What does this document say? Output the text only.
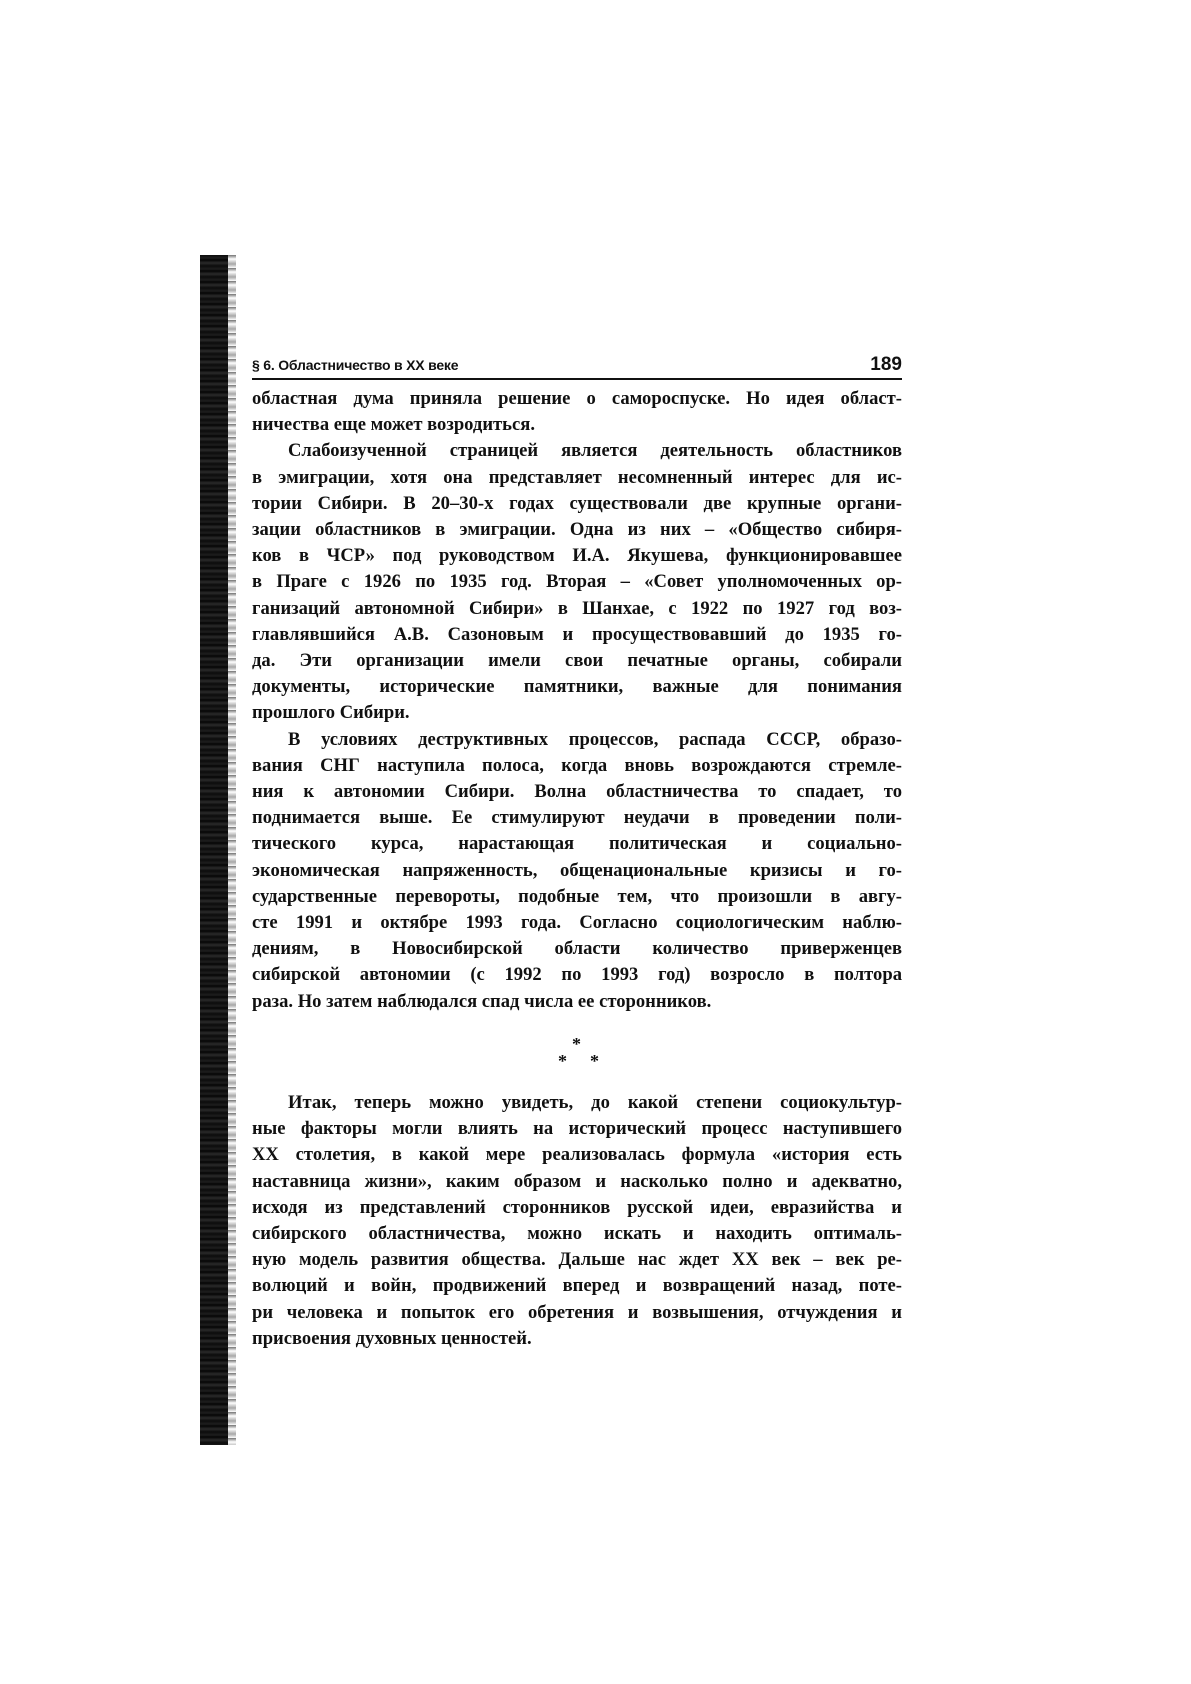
§ 6. Областничество в XX веке	189

областная дума приняла решение о самороспуске. Но идея област-
ничества еще может возродиться.

Слабоизученной страницей является деятельность областников
в эмиграции, хотя она представляет несомненный интерес для ис-
тории Сибири. В 20–30-х годах существовали две крупные органи-
зации областников в эмиграции. Одна из них – «Общество сибиря-
ков в ЧСР» под руководством И.А. Якушева, функционировавшее
в Праге с 1926 по 1935 год. Вторая – «Совет уполномоченных ор-
ганизаций автономной Сибири» в Шанхае, с 1922 по 1927 год воз-
главлявшийся А.В. Сазоновым и просуществовавший до 1935 го-
да. Эти организации имели свои печатные органы, собирали
документы, исторические памятники, важные для понимания
прошлого Сибири.

В условиях деструктивных процессов, распада СССР, образо-
вания СНГ наступила полоса, когда вновь возрождаются стремле-
ния к автономии Сибири. Волна областничества то спадает, то
поднимается выше. Ее стимулируют неудачи в проведении поли-
тического курса, нарастающая политическая и социально-
экономическая напряженность, общенациональные кризисы и го-
сударственные перевороты, подобные тем, что произошли в авгу-
сте 1991 и октябре 1993 года. Согласно социологическим наблю-
дениям, в Новосибирской области количество приверженцев
сибирской автономии (с 1992 по 1993 год) возросло в полтора
раза. Но затем наблюдался спад числа ее сторонников.

*
* *

Итак, теперь можно увидеть, до какой степени социокультур-
ные факторы могли влиять на исторический процесс наступившего
XX столетия, в какой мере реализовалась формула «история есть
наставница жизни», каким образом и насколько полно и адекватно,
исходя из представлений сторонников русской идеи, евразийства и
сибирского областничества, можно искать и находить оптималь-
ную модель развития общества. Дальше нас ждет XX век – век ре-
волюций и войн, продвижений вперед и возвращений назад, поте-
ри человека и попыток его обретения и возвышения, отчуждения и
присвоения духовных ценностей.
